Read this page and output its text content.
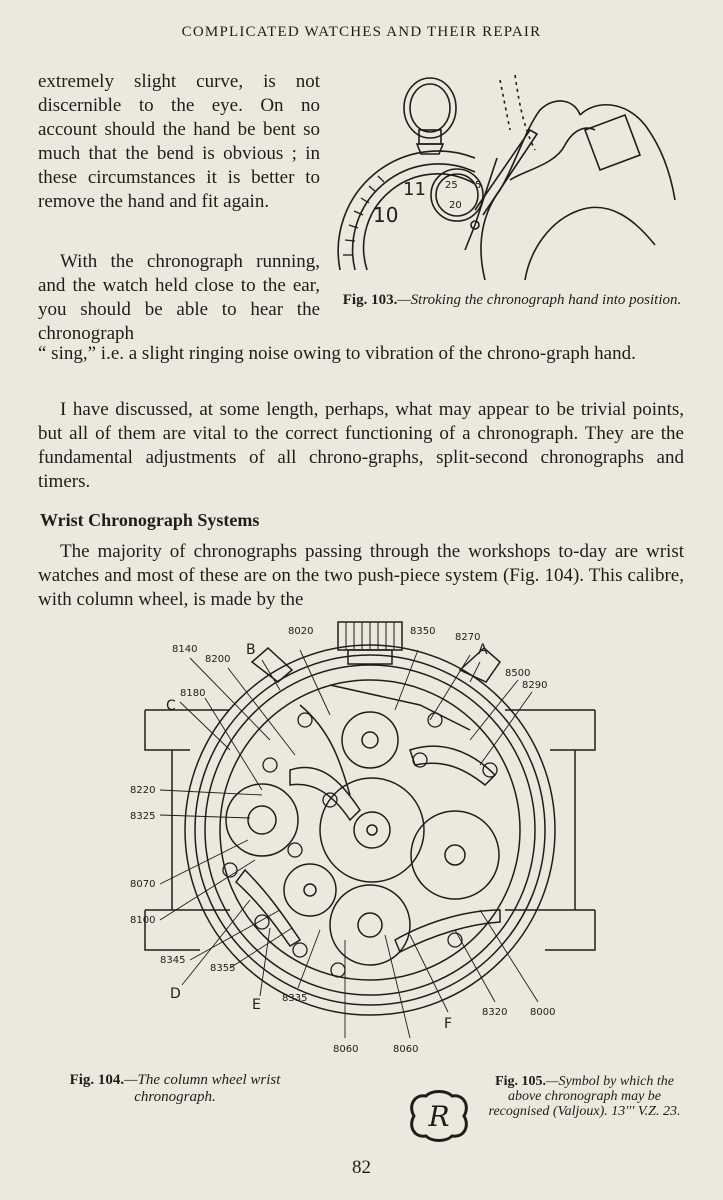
COMPLICATED WATCHES AND THEIR REPAIR

extremely slight curve, is not discernible to the eye. On no account should the hand be bent so much that the bend is obvious ; in these circumstances it is better to remove the hand and fit again.

With the chronograph running, and the watch held close to the ear, you should be able to hear the chronograph

“ sing,” i.e. a slight ringing noise owing to vibration of the chrono-graph hand.

I have discussed, at some length, perhaps, what may appear to be trivial points, but all of them are vital to the correct functioning of a chronograph. They are the fundamental adjustments of all chrono-graphs, split-second chronographs and timers.

Wrist Chronograph Systems

The majority of chronographs passing through the workshops to-day are wrist watches and most of these are on the two push-piece system (Fig. 104). This calibre, with column wheel, is made by the

10
11 25
20
5
Fig. 103.—Stroking the chronograph hand into position.
8020	8350
8270
8140
8200
8500
8180
8290
8220
8325
8070
8100
8345
8355
8335
8060	8060
8320 8000
A
B
C
D
E
F
Fig. 104.—The column wheel wrist chronograph.
R
Fig. 105.—Symbol by which the above chronograph may be recognised (Valjoux). 13′′′ V.Z. 23.
82
